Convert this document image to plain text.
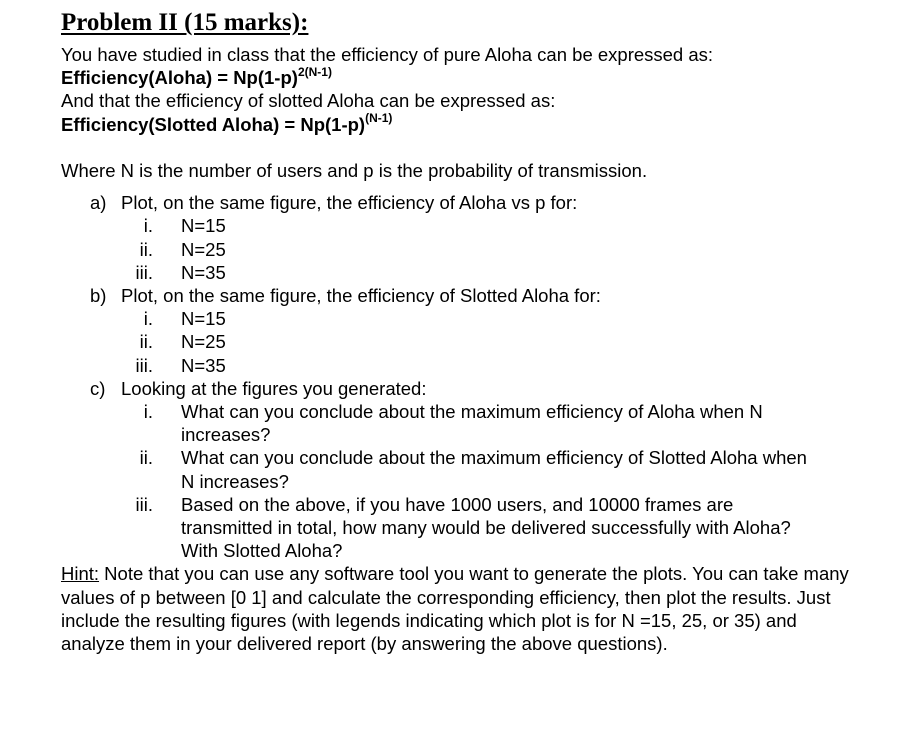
Problem II (15 marks):
You have studied in class that the efficiency of pure Aloha can be expressed as:
Efficiency(Aloha) = $Np(1-p)^{2(N-1)}$
And that the efficiency of slotted Aloha can be expressed as:
Efficiency(Slotted Aloha) = $Np(1-p)^{(N-1)}$
Where N is the number of users and p is the probability of transmission.
a) Plot, on the same figure, the efficiency of Aloha vs p for:
i. N=15
ii. N=25
iii. N=35
b) Plot, on the same figure, the efficiency of Slotted Aloha for:
i. N=15
ii. N=25
iii. N=35
c) Looking at the figures you generated:
i. What can you conclude about the maximum efficiency of Aloha when N increases?
ii. What can you conclude about the maximum efficiency of Slotted Aloha when N increases?
iii. Based on the above, if you have 1000 users, and 10000 frames are transmitted in total, how many would be delivered successfully with Aloha? With Slotted Aloha?
Hint: Note that you can use any software tool you want to generate the plots. You can take many values of p between [0 1] and calculate the corresponding efficiency, then plot the results. Just include the resulting figures (with legends indicating which plot is for N =15, 25, or 35) and analyze them in your delivered report (by answering the above questions).
